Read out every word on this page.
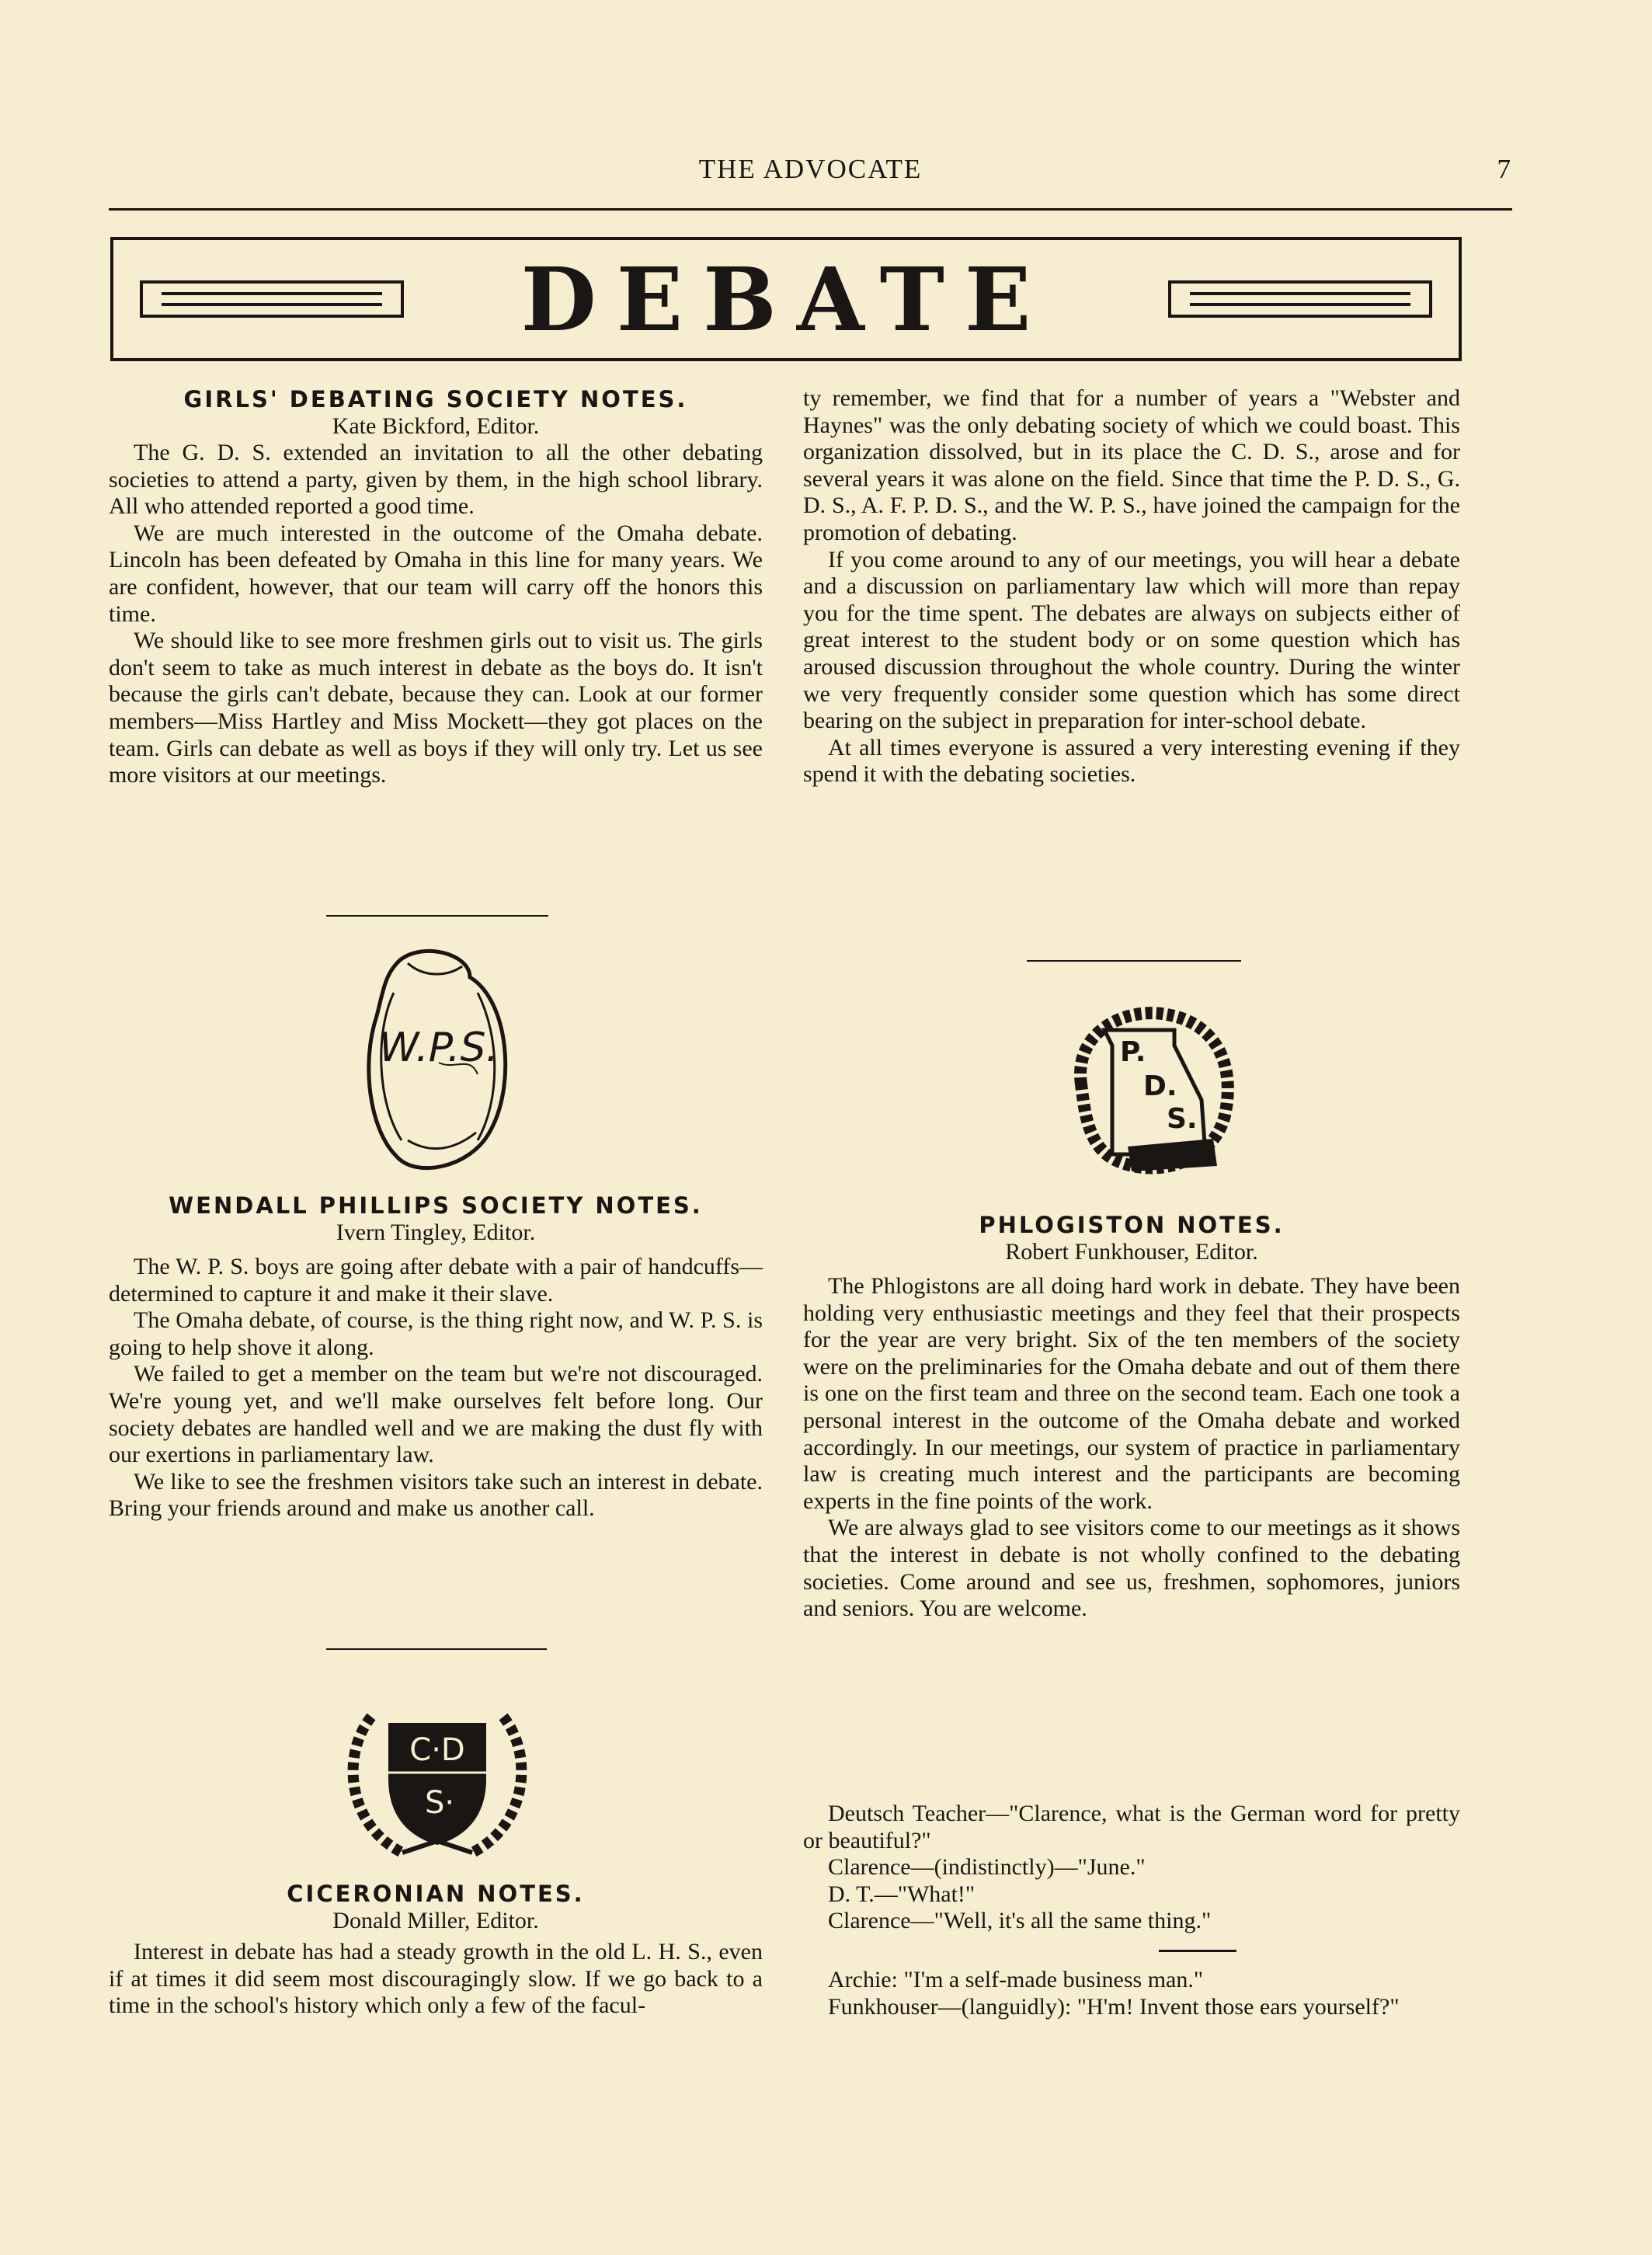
THE ADVOCATE	7
DEBATE
GIRLS' DEBATING SOCIETY NOTES.
Kate Bickford, Editor.

The G. D. S. extended an invitation to all the other debating societies to attend a party, given by them, in the high school library. All who attended reported a good time.

We are much interested in the outcome of the Omaha debate. Lincoln has been defeated by Omaha in this line for many years. We are confident, however, that our team will carry off the honors this time.

We should like to see more freshmen girls out to visit us. The girls don't seem to take as much interest in debate as the boys do. It isn't because the girls can't debate, because they can. Look at our former members—Miss Hartley and Miss Mockett—they got places on the team. Girls can debate as well as boys if they will only try. Let us see more visitors at our meetings.

W.P.S.
WENDALL PHILLIPS SOCIETY NOTES.
Ivern Tingley, Editor.

The W. P. S. boys are going after debate with a pair of handcuffs—determined to capture it and make it their slave.

The Omaha debate, of course, is the thing right now, and W. P. S. is going to help shove it along.

We failed to get a member on the team but we're not discouraged. We're young yet, and we'll make ourselves felt before long. Our society debates are handled well and we are making the dust fly with our exertions in parliamentary law.

We like to see the freshmen visitors take such an interest in debate. Bring your friends around and make us another call.

C·D
S·
CICERONIAN NOTES.
Donald Miller, Editor.

Interest in debate has had a steady growth in the old L. H. S., even if at times it did seem most discouragingly slow. If we go back to a time in the school's history which only a few of the facul-

ty remember, we find that for a number of years a "Webster and Haynes" was the only debating society of which we could boast. This organization dissolved, but in its place the C. D. S., arose and for several years it was alone on the field. Since that time the P. D. S., G. D. S., A. F. P. D. S., and the W. P. S., have joined the campaign for the promotion of debating.

If you come around to any of our meetings, you will hear a debate and a discussion on parliamentary law which will more than repay you for the time spent. The debates are always on subjects either of great interest to the student body or on some question which has aroused discussion throughout the whole country. During the winter we very frequently consider some question which has some direct bearing on the subject in preparation for inter-school debate.

At all times everyone is assured a very interesting evening if they spend it with the debating societies.

P.
D.
S.
PHLOGISTON NOTES.
Robert Funkhouser, Editor.

The Phlogistons are all doing hard work in debate. They have been holding very enthusiastic meetings and they feel that their prospects for the year are very bright. Six of the ten members of the society were on the preliminaries for the Omaha debate and out of them there is one on the first team and three on the second team. Each one took a personal interest in the outcome of the Omaha debate and worked accordingly. In our meetings, our system of practice in parliamentary law is creating much interest and the participants are becoming experts in the fine points of the work.

We are always glad to see visitors come to our meetings as it shows that the interest in debate is not wholly confined to the debating societies. Come around and see us, freshmen, sophomores, juniors and seniors. You are welcome.

Deutsch Teacher—"Clarence, what is the German word for pretty or beautiful?"

Clarence—(indistinctly)—"June."

D. T.—"What!"

Clarence—"Well, it's all the same thing."

Archie: "I'm a self-made business man."

Funkhouser—(languidly): "H'm! Invent those ears yourself?"
